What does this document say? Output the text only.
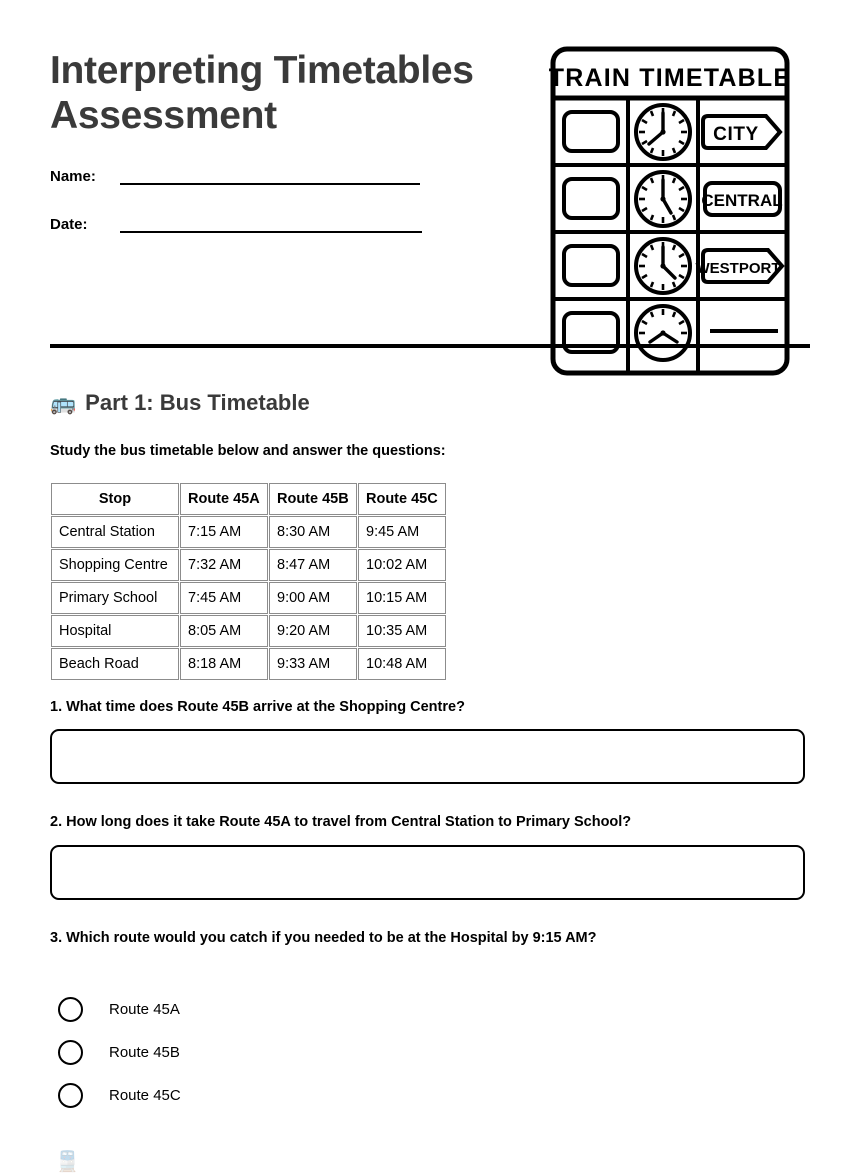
Interpreting Timetables Assessment
Name:
Date:
TRAIN TIMETABLE
CITY
CENTRAL
WESTPORT
🚌 Part 1: Bus Timetable
Study the bus timetable below and answer the questions:
Stop	Route 45A	Route 45B	Route 45C
Central Station	7:15 AM	8:30 AM	9:45 AM
Shopping Centre	7:32 AM	8:47 AM	10:02 AM
Primary School	7:45 AM	9:00 AM	10:15 AM
Hospital	8:05 AM	9:20 AM	10:35 AM
Beach Road	8:18 AM	9:33 AM	10:48 AM
1. What time does Route 45B arrive at the Shopping Centre?
2. How long does it take Route 45A to travel from Central Station to Primary School?
3. Which route would you catch if you needed to be at the Hospital by 9:15 AM?
Route 45A
Route 45B
Route 45C
🚆
